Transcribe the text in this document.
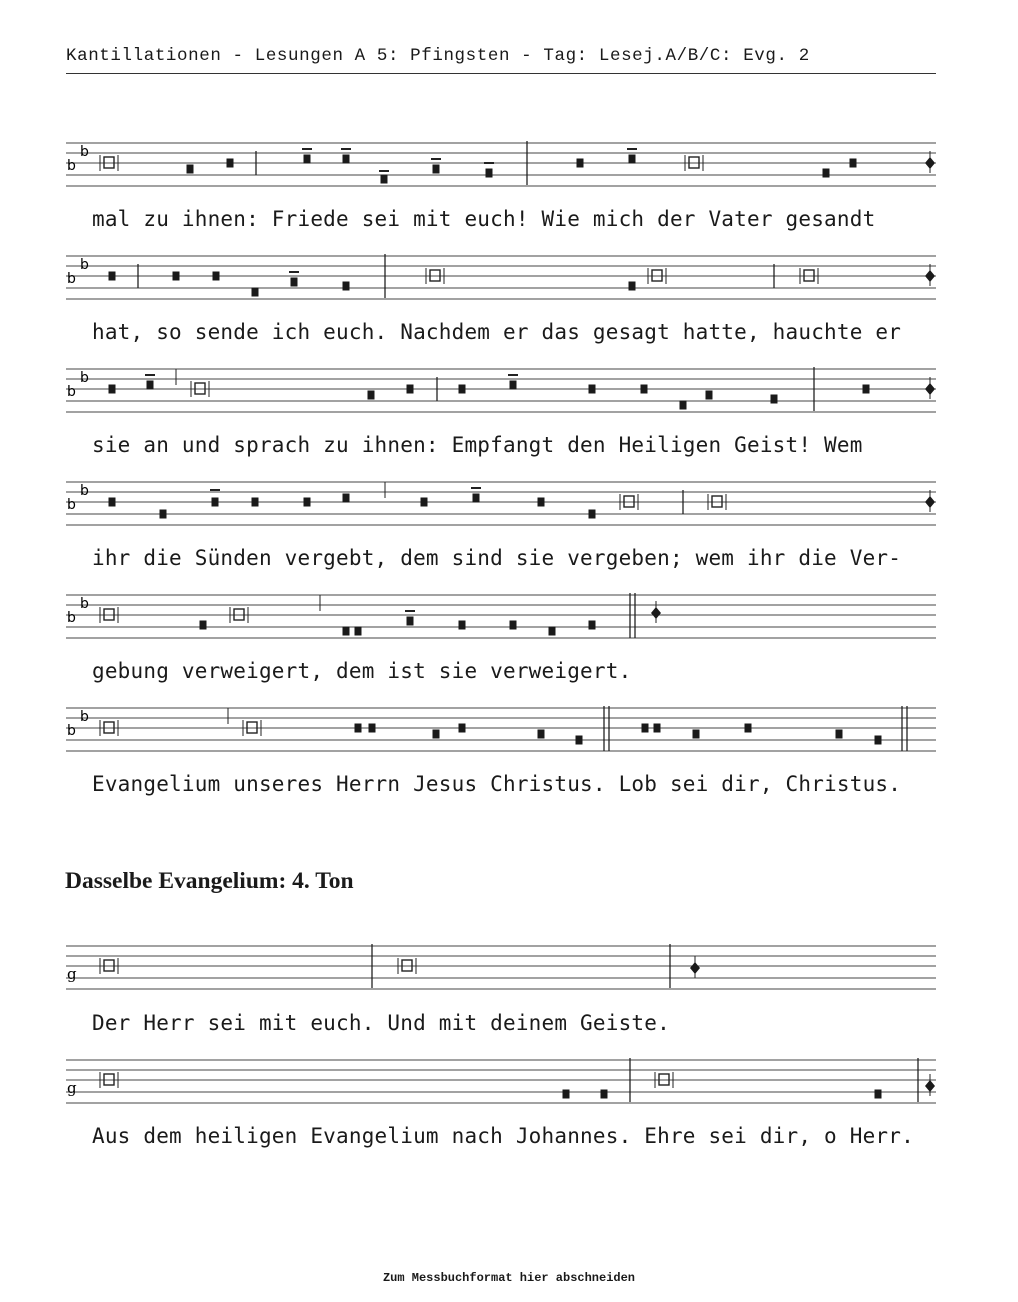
Kantillationen - Lesungen A 5: Pfingsten - Tag: Lesej.A/B/C: Evg. 2
b
b
b
b
b
b
b
b
b
b
b
b
g
g
mal zu ihnen: Friede sei mit euch! Wie mich der Vater gesandt
hat, so sende ich euch. Nachdem er das gesagt hatte, hauchte er
sie an und sprach zu ihnen: Empfangt den Heiligen Geist! Wem
ihr die Sünden vergebt, dem sind sie vergeben; wem ihr die Ver-
gebung verweigert, dem ist sie verweigert.
Evangelium unseres Herrn Jesus Christus. Lob sei dir, Christus.
Dasselbe Evangelium: 4. Ton
Der Herr sei mit euch. Und mit deinem Geiste.
Aus dem heiligen Evangelium nach Johannes. Ehre sei dir, o Herr.
Zum Messbuchformat hier abschneiden
